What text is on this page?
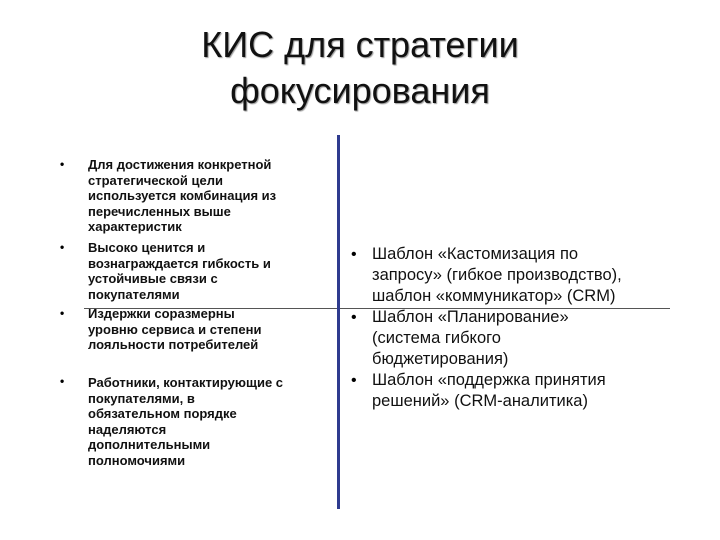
КИС для стратегии
фокусирования
• Для достижения конкретной
стратегической цели
используется комбинация из
перечисленных выше
характеристик
• Высоко ценится и
вознаграждается гибкость и
устойчивые связи с
покупателями
• Издержки соразмерны
уровню сервиса и степени
лояльности потребителей
• Работники, контактирующие с
покупателями, в
обязательном порядке
наделяются
дополнительными
полномочиями
• Шаблон «Кастомизация по
запросу» (гибкое производство),
шаблон «коммуникатор» (CRM)
• Шаблон «Планирование»
(система гибкого
бюджетирования)
• Шаблон «поддержка принятия
решений» (CRM-аналитика)
